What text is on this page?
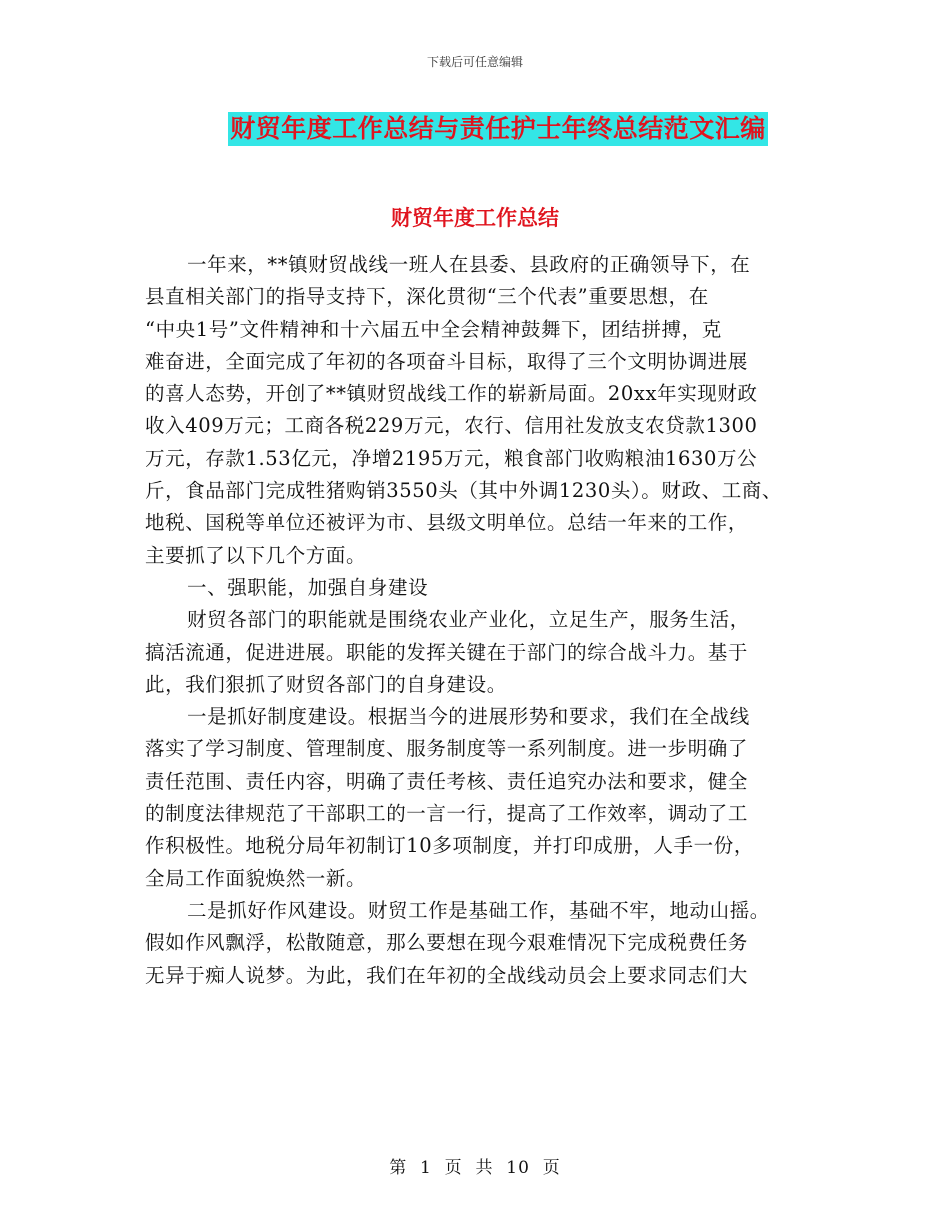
下载后可任意编辑
财贸年度工作总结与责任护士年终总结范文汇编
财贸年度工作总结
一年来，**镇财贸战线一班人在县委、县政府的正确领导下，在
县直相关部门的指导支持下，深化贯彻“三个代表”重要思想，在
“中央1号”文件精神和十六届五中全会精神鼓舞下，团结拼搏，克
难奋进，全面完成了年初的各项奋斗目标，取得了三个文明协调进展
的喜人态势，开创了**镇财贸战线工作的崭新局面。20xx年实现财政
收入409万元；工商各税229万元，农行、信用社发放支农贷款1300
万元，存款1.53亿元，净增2195万元，粮食部门收购粮油1630万公
斤，食品部门完成牲猪购销3550头（其中外调1230头）。财政、工商、
地税、国税等单位还被评为市、县级文明单位。总结一年来的工作，
主要抓了以下几个方面。
一、强职能，加强自身建设
财贸各部门的职能就是围绕农业产业化，立足生产，服务生活，
搞活流通，促进进展。职能的发挥关键在于部门的综合战斗力。基于
此，我们狠抓了财贸各部门的自身建设。
一是抓好制度建设。根据当今的进展形势和要求，我们在全战线
落实了学习制度、管理制度、服务制度等一系列制度。进一步明确了
责任范围、责任内容，明确了责任考核、责任追究办法和要求，健全
的制度法律规范了干部职工的一言一行，提高了工作效率，调动了工
作积极性。地税分局年初制订10多项制度，并打印成册，人手一份，
全局工作面貌焕然一新。
二是抓好作风建设。财贸工作是基础工作，基础不牢，地动山摇。
假如作风飘浮，松散随意，那么要想在现今艰难情况下完成税费任务
无异于痴人说梦。为此，我们在年初的全战线动员会上要求同志们大
第  1  页  共  10  页
